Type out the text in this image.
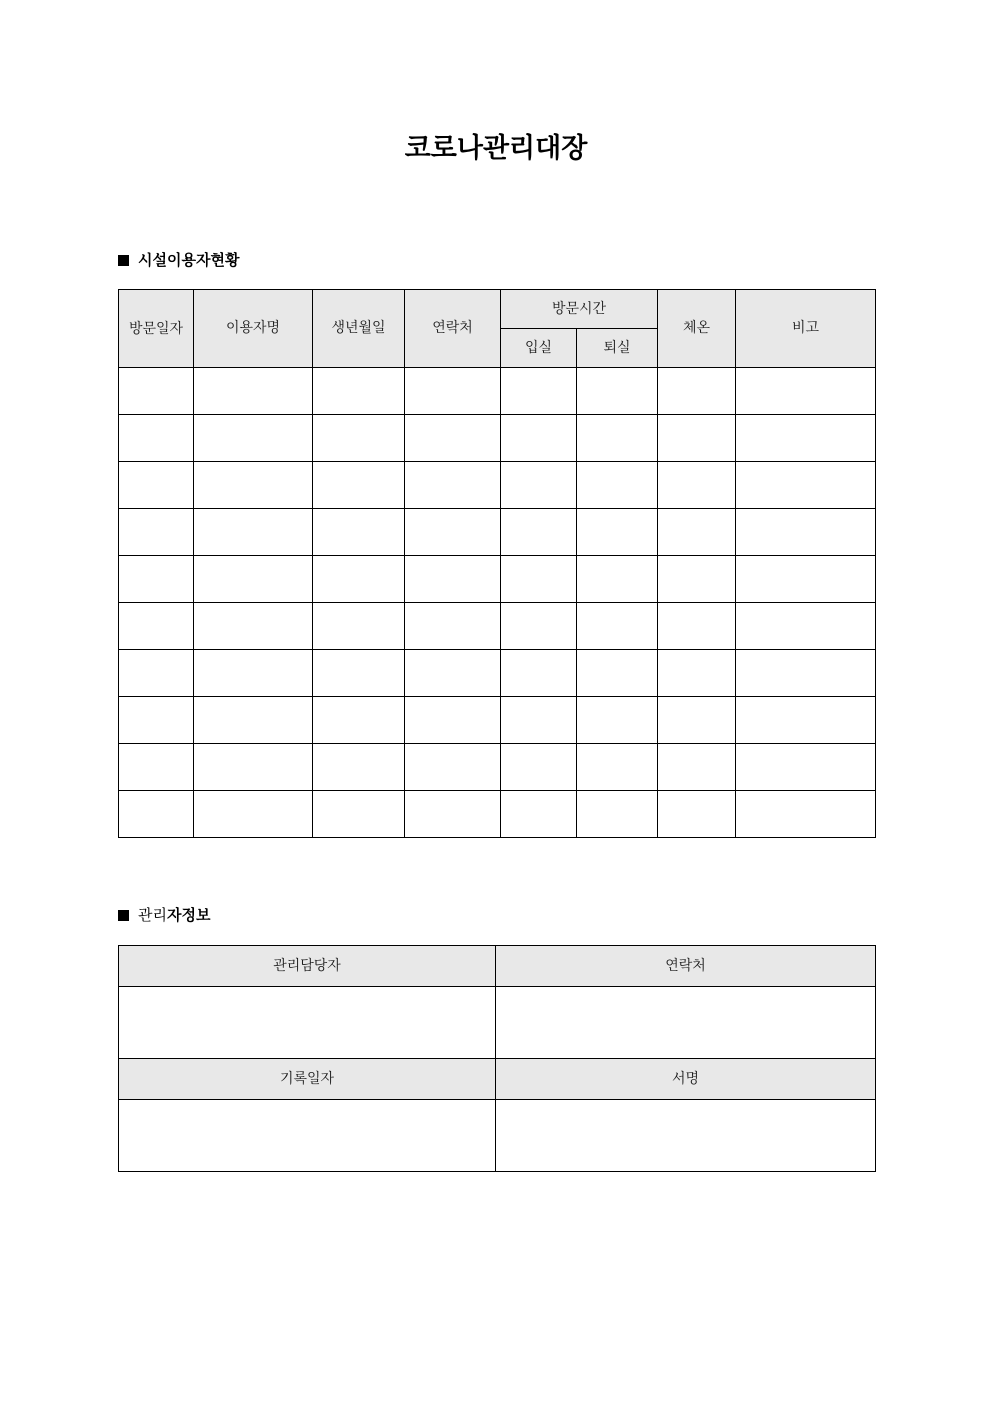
코로나관리대장
시설이용자현황
방문일자	이용자명	생년월일	연락처	방문시간		체온	비고
				입실	퇴실		

관리자정보
관리담당자	연락처

기록일자	서명
